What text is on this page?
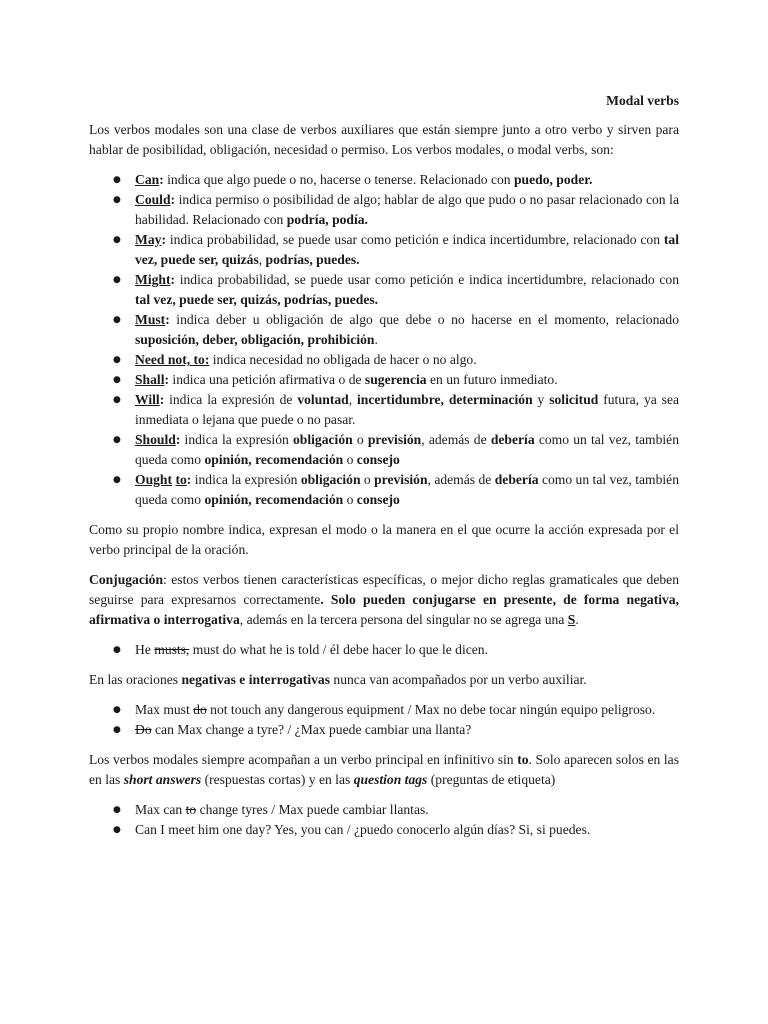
Modal verbs

Los verbos modales son una clase de verbos auxiliares que están siempre junto a otro verbo y sirven para hablar de posibilidad, obligación, necesidad o permiso. Los verbos modales, o modal verbs, son:

● Can: indica que algo puede o no, hacerse o tenerse. Relacionado con puedo, poder.
● Could: indica permiso o posibilidad de algo; hablar de algo que pudo o no pasar relacionado con la habilidad. Relacionado con podría, podía.
● May: indica probabilidad, se puede usar como petición e indica incertidumbre, relacionado con tal vez, puede ser, quizás, podrías, puedes.
● Might: indica probabilidad, se puede usar como petición e indica incertidumbre, relacionado con tal vez, puede ser, quizás, podrías, puedes.
● Must: indica deber u obligación de algo que debe o no hacerse en el momento, relacionado suposición, deber, obligación, prohibición.
● Need not, to: indica necesidad no obligada de hacer o no algo.
● Shall: indica una petición afirmativa o de sugerencia en un futuro inmediato.
● Will: indica la expresión de voluntad, incertidumbre, determinación y solicitud futura, ya sea inmediata o lejana que puede o no pasar.
● Should: indica la expresión obligación o previsión, además de debería como un tal vez, también queda como opinión, recomendación o consejo
● Ought to: indica la expresión obligación o previsión, además de debería como un tal vez, también queda como opinión, recomendación o consejo

Como su propio nombre indica, expresan el modo o la manera en el que ocurre la acción expresada por el verbo principal de la oración.

Conjugación: estos verbos tienen características específicas, o mejor dicho reglas gramaticales que deben seguirse para expresarnos correctamente. Solo pueden conjugarse en presente, de forma negativa, afirmativa o interrogativa, además en la tercera persona del singular no se agrega una S.

● He musts, must do what he is told / él debe hacer lo que le dicen.

En las oraciones negativas e interrogativas nunca van acompañados por un verbo auxiliar.

● Max must do not touch any dangerous equipment / Max no debe tocar ningún equipo peligroso.
● Do can Max change a tyre? / ¿Max puede cambiar una llanta?

Los verbos modales siempre acompañan a un verbo principal en infinitivo sin to. Solo aparecen solos en las en las short answers (respuestas cortas) y en las question tags (preguntas de etiqueta)

● Max can to change tyres / Max puede cambiar llantas.
● Can I meet him one day? Yes, you can / ¿puedo conocerlo algún días? Si, si puedes.
